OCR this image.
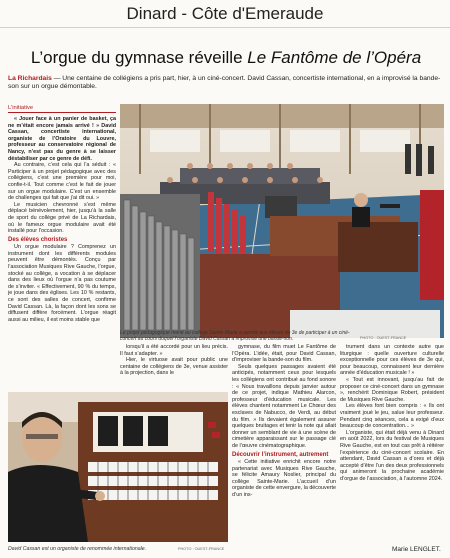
Dinard - Côte d'Emeraude
L’orgue du gymnase réveille Le Fantôme de l’Opéra
La Richardais — Une centaine de collégiens a pris part, hier, à un ciné-concert. David Cassan, concertiste international, en a improvisé la bande-son sur un orgue démontable.
L’initiative

« Jouer face à un panier de basket, ça ne m’était encore jamais arrivé ! » David Cassan, concertiste international, organiste de l’Oratoire du Louvre, professeur au conservatoire régional de Nancy, n’est pas du genre à se laisser déstabiliser par ce genre de défi.

Au contraire, c’est cela qui l’a séduit : « Participer à un projet pédagogique avec des collégiens, c’est une première pour moi, confie-t-il. Tout comme c’est le fait de jouer sur un orgue modulaire. C’est un ensemble de challenges qui fait que j’ai dit oui. »

Le musicien chevronné s’est même déplacé bénévolement, hier, jusqu’à la salle de sport du collège privé de La Richardais, où le fameux orgue modulaire avait été installé pour l’occasion.

Des élèves choristes

Un orgue modulaire ? Comprenez un instrument dont les différents modules peuvent être démontés. Conçu par l’association Musiques Rive Gauche, l’orgue, stocké au collège, a vocation à se déplacer dans des lieux où l’orgue n’a pas coutume de s’inviter. « Effectivement, 90 % du temps, je joue dans des églises. Les 10 % restants, ce sont des salles de concert, confirme David Cassan. Là, la façon dont les sons se diffusent diffère forcément. L’orgue réagit aussi au milieu, il est moins stable que

PHOTO : OUEST-FRANCE
Le projet pédagogique mené au collège Sainte-Marie a permis aux élèves de 3e de participer à un ciné-concert au cours duquel l’organiste David Cassan a improvisé une bande-son.
David Cassan est un organiste de renommée internationale.	PHOTO : OUEST-FRANCE

lorsqu’il a été accordé pour un lieu précis. Il faut s’adapter. »

Hier, le virtuose avait pour public une centaine de collégiens de 3e, venue assister à la projection, dans le

gymnase, du film muet Le Fantôme de l’Opéra. L’idée, était, pour David Cassan, d’improviser la bande-son du film.

Seuls quelques passages avaient été anticipés, notamment ceux pour lesquels les collégiens ont contribué au fond sonore : « Nous travaillons depuis janvier autour de ce projet, indique Mathieu Alarcon, professeur d’éducation musicale. Les élèves chantent notamment Le Chœur des esclaves de Nabucco, de Verdi, au début du film. » Ils devaient également assurer quelques bruitages et tenir la note qui allait donner un semblant de vie à une scène de cimetière apparaissant sur le passage clé de l’œuvre cinématographique.

Découvrir l’instrument, autrement

« Cette initiative enrichit encore notre partenariat avec Musiques Rive Gauche, se félicite Amaury Noslier, principal du collège Sainte-Marie. L’accueil d’un organiste de cette envergure, la découverte d’un ins-

trument dans un contexte autre que liturgique : quelle ouverture culturelle exceptionnelle pour ces élèves de 3e qui, pour beaucoup, connaissent leur dernière année d’éducation musicale ! »

« Tout est innovant, jusqu’au fait de proposer ce ciné-concert dans un gymnase », renchérit Dominique Robert, président de Musiques Rive Gauche.

Les élèves font bien compris : « Ils ont vraiment joué le jeu, salue leur professeur. Pendant cinq séances, cela a exigé d’eux beaucoup de concentration... »

L’organiste, qui était déjà venu à Dinard en août 2022, lors du festival de Musiques Rive Gauche, est en tout cas prêt à réitérer l’expérience du ciné-concert scolaire. En attendant, David Cassan a d’ores et déjà accepté d’être l’un des deux professionnels qui animeront la prochaine académie d’orgue de l’association, à l’automne 2024.

Marie LENGLET.
